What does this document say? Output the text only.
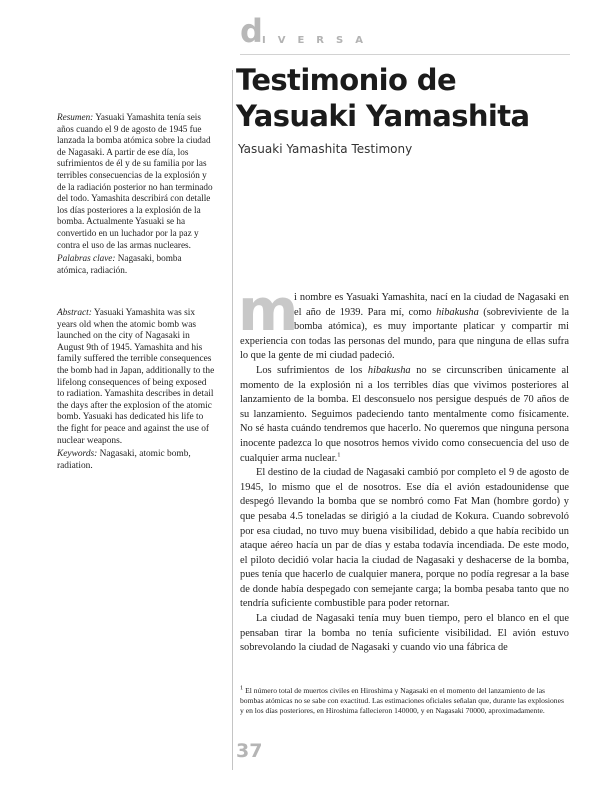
d IVERSA
Testimonio de
Yasuaki Yamashita
Yasuaki Yamashita Testimony

Resumen: Yasuaki Yamashita tenía seis años cuando el 9 de agosto de 1945 fue lanzada la bomba atómica sobre la ciudad de Nagasaki. A partir de ese día, los sufrimientos de él y de su familia por las terribles consecuencias de la explosión y de la radiación posterior no han terminado del todo. Yamashita describirá con detalle los días posteriores a la explosión de la bomba. Actualmente Yasuaki se ha convertido en un luchador por la paz y contra el uso de las armas nucleares.

Palabras clave: Nagasaki, bomba atómica, radiación.

Abstract: Yasuaki Yamashita was six years old when the atomic bomb was launched on the city of Nagasaki in August 9th of 1945. Yamashita and his family suffered the terrible consequences the bomb had in Japan, additionally to the lifelong consequences of being exposed to radiation. Yamashita describes in detail the days after the explosion of the atomic bomb. Yasuaki has dedicated his life to the fight for peace and against the use of nuclear weapons.

Keywords: Nagasaki, atomic bomb, radiation.

m
i nombre es Yasuaki Yamashita, nací en la ciudad de Nagasaki en el año de 1939. Para mí, como hibakusha (sobreviviente de la bomba atómica), es muy importante platicar y compartir mi experiencia con todas las personas del mundo, para que ninguna de ellas sufra lo que la gente de mi ciudad padeció.

Los sufrimientos de los hibakusha no se circunscriben únicamente al momento de la explosión ni a los terribles días que vivimos posteriores al lanzamiento de la bomba. El desconsuelo nos persigue después de 70 años de su lanzamiento. Seguimos padeciendo tanto mentalmente como físicamente. No sé hasta cuándo tendremos que hacerlo. No queremos que ninguna persona inocente padezca lo que nosotros hemos vivido como consecuencia del uso de cualquier arma nuclear.$^1$

El destino de la ciudad de Nagasaki cambió por completo el 9 de agosto de 1945, lo mismo que el de nosotros. Ese día el avión estadounidense que despegó llevando la bomba que se nombró como Fat Man (hombre gordo) y que pesaba 4.5 toneladas se dirigió a la ciudad de Kokura. Cuando sobrevoló por esa ciudad, no tuvo muy buena visibilidad, debido a que había recibido un ataque aéreo hacía un par de días y estaba todavía incendiada. De este modo, el piloto decidió volar hacia la ciudad de Nagasaki y deshacerse de la bomba, pues tenía que hacerlo de cualquier manera, porque no podía regresar a la base de donde había despegado con semejante carga; la bomba pesaba tanto que no tendría suficiente combustible para poder retornar.

La ciudad de Nagasaki tenía muy buen tiempo, pero el blanco en el que pensaban tirar la bomba no tenía suficiente visibilidad. El avión estuvo sobrevolando la ciudad de Nagasaki y cuando vio una fábrica de

$^1$ El número total de muertos civiles en Hiroshima y Nagasaki en el momento del lanzamiento de las bombas atómicas no se sabe con exactitud. Las estimaciones oficiales señalan que, durante las explosiones y en los días posteriores, en Hiroshima fallecieron 140000, y en Nagasaki 70000, aproximadamente.

37
